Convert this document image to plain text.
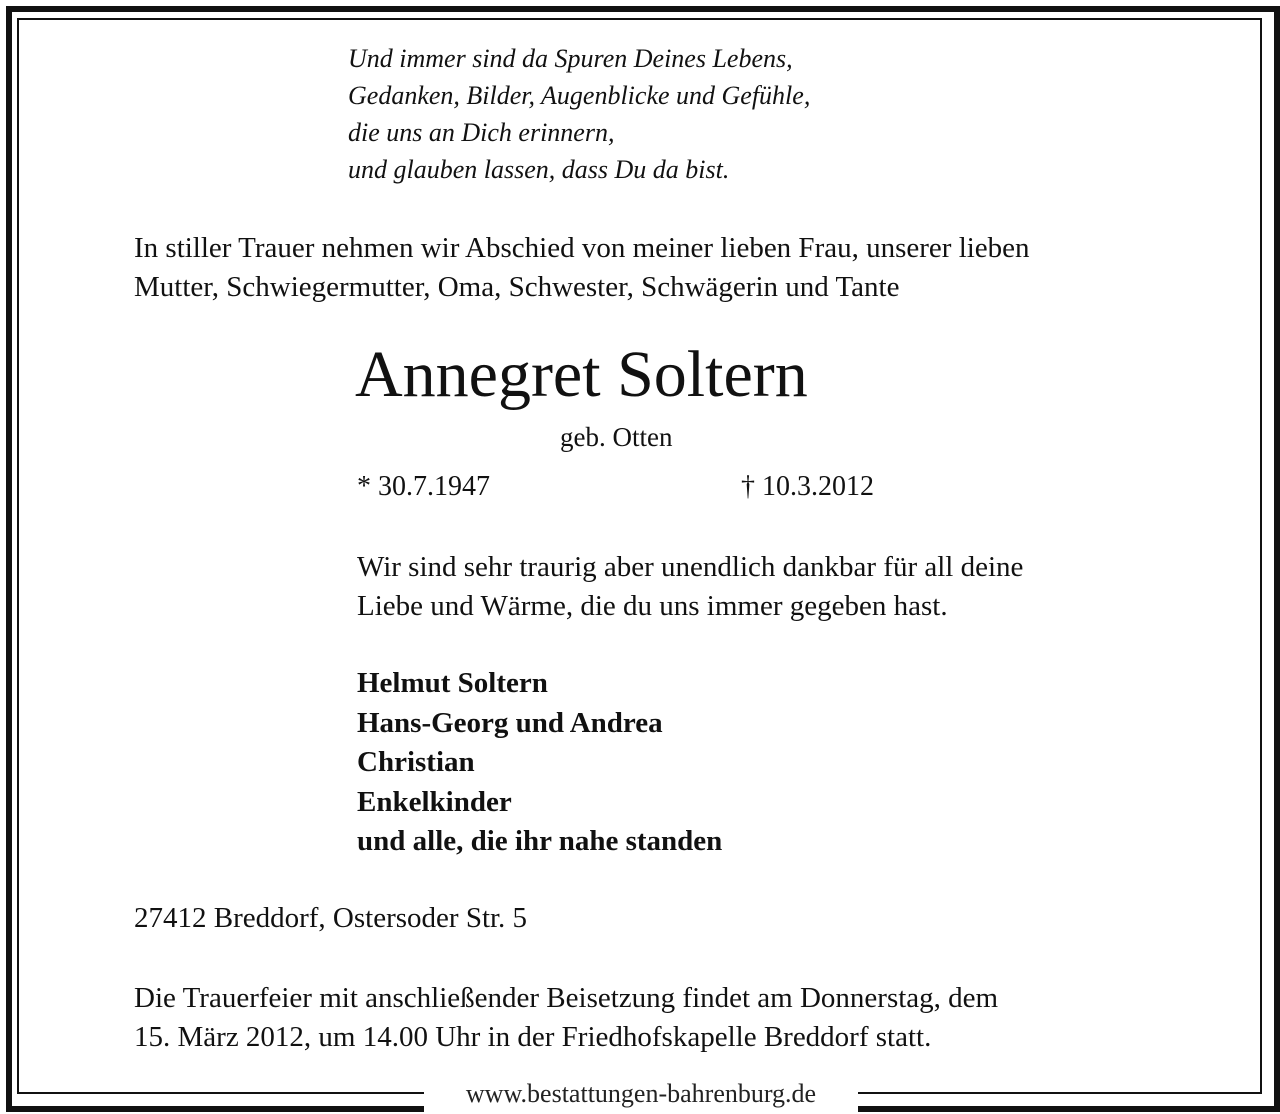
www.bestattungen-bahrenburg.de
Und immer sind da Spuren Deines Lebens,
Gedanken, Bilder, Augenblicke und Gefühle,
die uns an Dich erinnern,
und glauben lassen, dass Du da bist.
In stiller Trauer nehmen wir Abschied von meiner lieben Frau, unserer lieben
Mutter, Schwiegermutter, Oma, Schwester, Schwägerin und Tante
Annegret Soltern
geb. Otten
* 30.7.1947	† 10.3.2012
Wir sind sehr traurig aber unendlich dankbar für all deine
Liebe und Wärme, die du uns immer gegeben hast.
Helmut Soltern
Hans-Georg und Andrea
Christian
Enkelkinder
und alle, die ihr nahe standen
27412 Breddorf, Ostersoder Str. 5
Die Trauerfeier mit anschließender Beisetzung findet am Donnerstag, dem
15. März 2012, um 14.00 Uhr in der Friedhofskapelle Breddorf statt.
